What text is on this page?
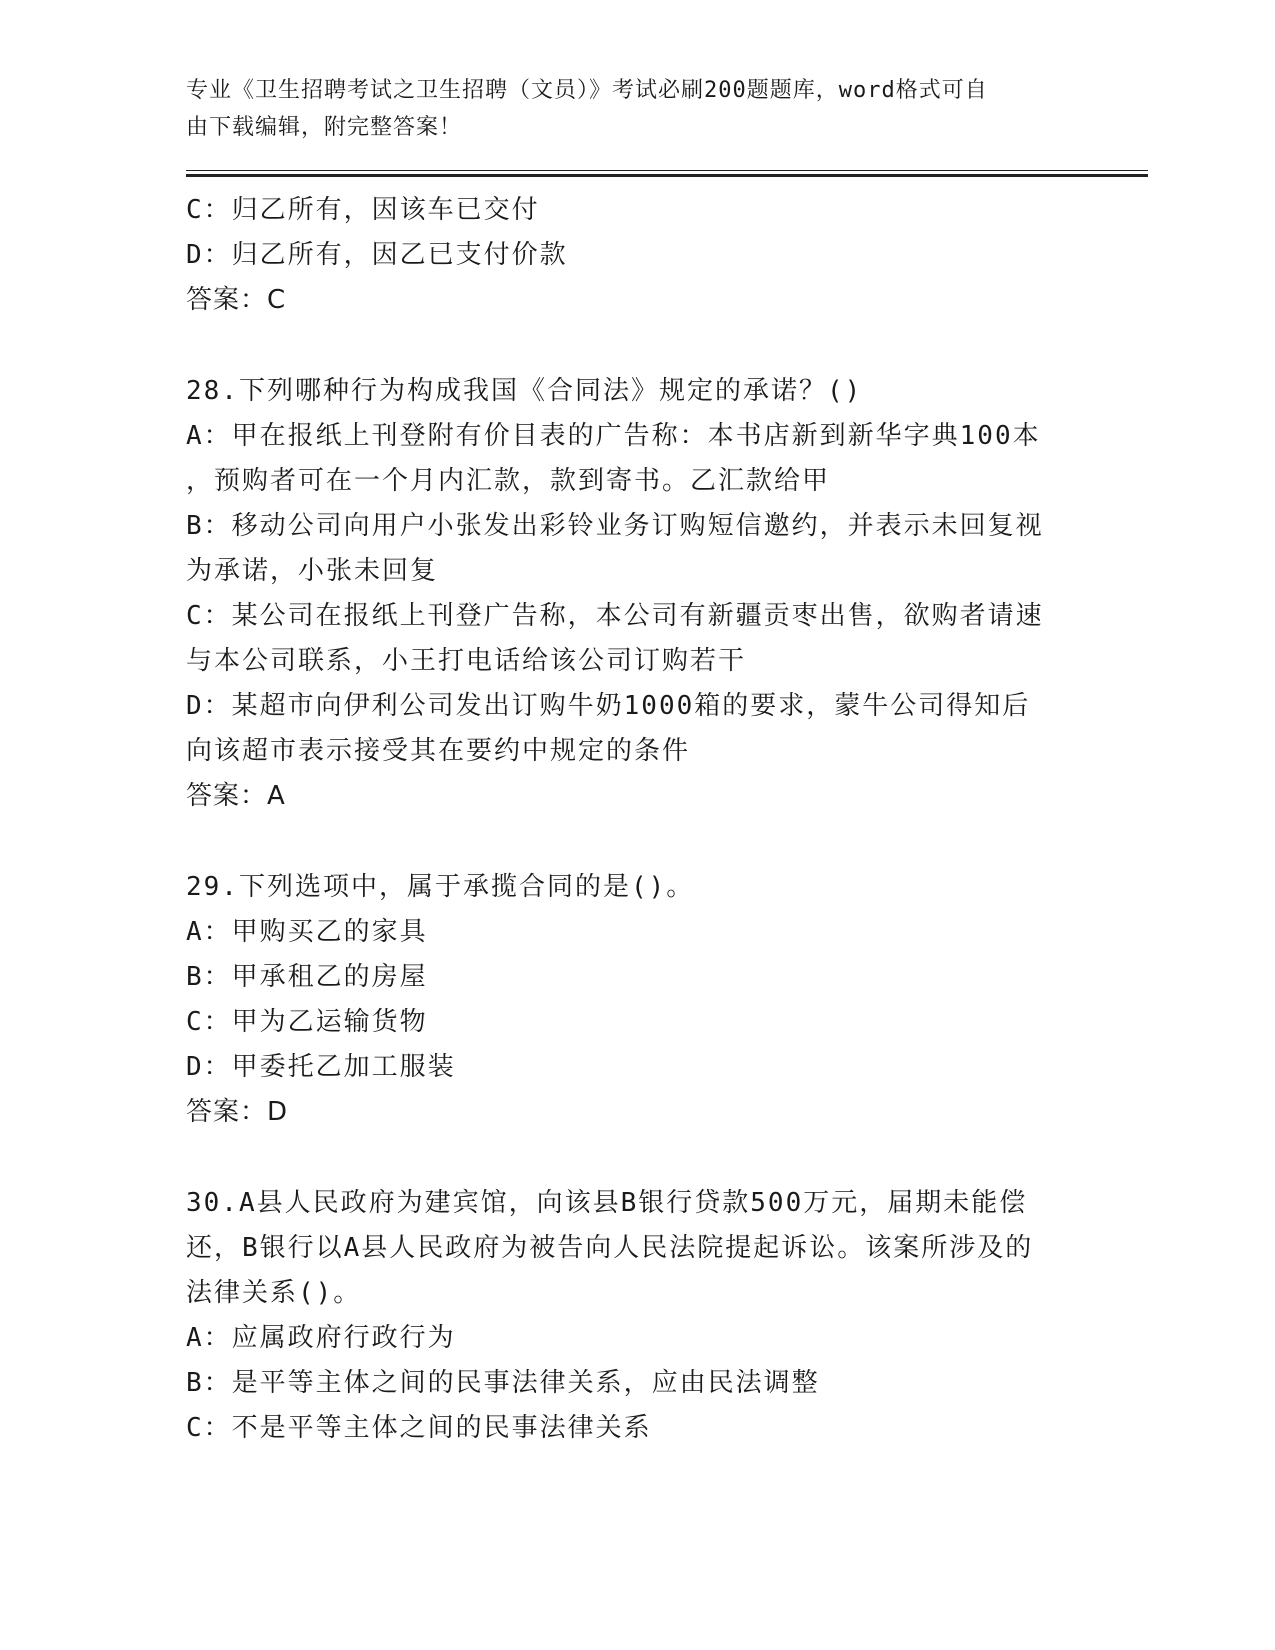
专业《卫生招聘考试之卫生招聘（文员）》考试必刷200题题库，word格式可自
由下载编辑，附完整答案！
C：归乙所有，因该车已交付
D：归乙所有，因乙已支付价款
答案：C
28.下列哪种行为构成我国《合同法》规定的承诺？()
A：甲在报纸上刊登附有价目表的广告称：本书店新到新华字典100本
，预购者可在一个月内汇款，款到寄书。乙汇款给甲
B：移动公司向用户小张发出彩铃业务订购短信邀约，并表示未回复视
为承诺，小张未回复
C：某公司在报纸上刊登广告称，本公司有新疆贡枣出售，欲购者请速
与本公司联系，小王打电话给该公司订购若干
D：某超市向伊利公司发出订购牛奶1000箱的要求，蒙牛公司得知后
向该超市表示接受其在要约中规定的条件
答案：A
29.下列选项中，属于承揽合同的是()。
A：甲购买乙的家具
B：甲承租乙的房屋
C：甲为乙运输货物
D：甲委托乙加工服装
答案：D
30.A县人民政府为建宾馆，向该县B银行贷款500万元，届期未能偿
还，B银行以A县人民政府为被告向人民法院提起诉讼。该案所涉及的
法律关系()。
A：应属政府行政行为
B：是平等主体之间的民事法律关系，应由民法调整
C：不是平等主体之间的民事法律关系
